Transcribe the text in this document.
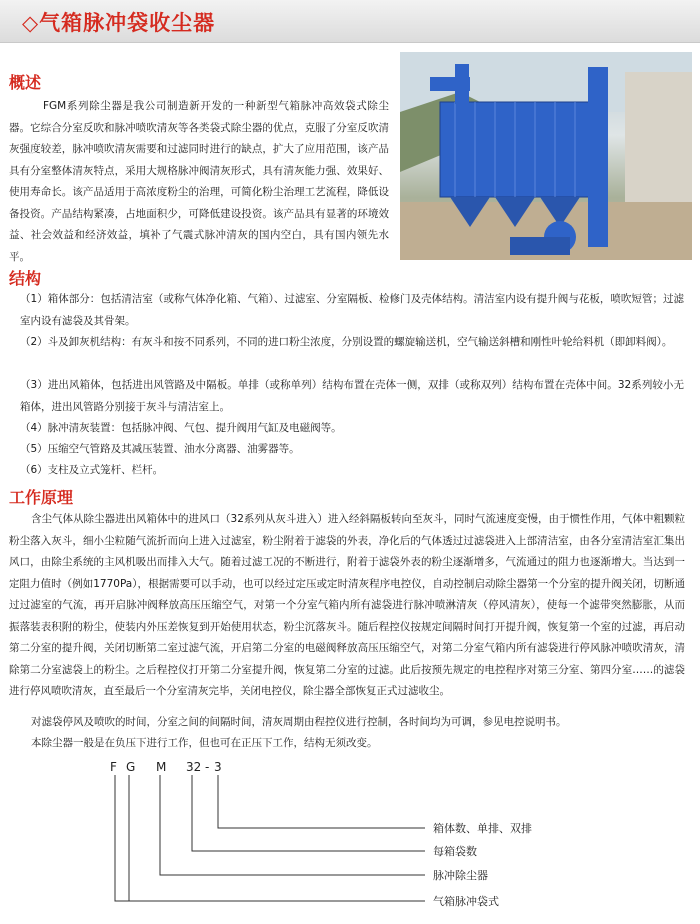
◇气箱脉冲袋收尘器
概述
FGM系列除尘器是我公司制造新开发的一种新型气箱脉冲高效袋式除尘器。它综合分室反吹和脉冲喷吹清灰等各类袋式除尘器的优点，克服了分室反吹清灰强度较差，脉冲喷吹清灰需要和过滤同时进行的缺点，扩大了应用范围，该产品具有分室整体清灰特点，采用大规格脉冲阀清灰形式，具有清灰能力强、效果好、使用寿命长。该产品适用于高浓度粉尘的治理，可简化粉尘治理工艺流程，降低设备投资。产品结构紧凑，占地面积少，可降低建设投资。该产品具有显著的环境效益、社会效益和经济效益，填补了气震式脉冲清灰的国内空白，具有国内领先水平。
结构
（1）箱体部分：包括清洁室（或称气体净化箱、气箱）、过滤室、分室隔板、检修门及壳体结构。清洁室内设有提升阀与花板，喷吹短管；过滤室内设有滤袋及其骨架。
（2）斗及卸灰机结构：有灰斗和按不同系列，不同的进口粉尘浓度，分别设置的螺旋输送机，空气输送斜槽和刚性叶轮给料机（即卸料阀）。
（3）进出风箱体，包括进出风管路及中隔板。单排（或称单列）结构布置在壳体一侧，双排（或称双列）结构布置在壳体中间。32系列较小无箱体，进出风管路分别接于灰斗与清洁室上。
（4）脉冲清灰装置：包括脉冲阀、气包、提升阀用气缸及电磁阀等。
（5）压缩空气管路及其减压装置、油水分离器、油雾器等。
（6）支柱及立式笼杆、栏杆。
工作原理
含尘气体从除尘器进出风箱体中的进风口（32系列从灰斗进入）进入经斜隔板转向至灰斗，同时气流速度变慢，由于惯性作用，气体中粗颗粒粉尘落入灰斗，细小尘粒随气流折而向上进入过滤室，粉尘附着于滤袋的外表，净化后的气体透过过滤袋进入上部清洁室，由各分室清洁室汇集出风口，由除尘系统的主风机吸出而排入大气。随着过滤工况的不断进行，附着于滤袋外表的粉尘逐渐增多，气流通过的阻力也逐渐增大。当达到一定阻力值时（例如1770Pa），根据需要可以手动，也可以经过定压或定时清灰程序电控仪，自动控制启动除尘器第一个分室的提升阀关闭，切断通过过滤室的气流，再开启脉冲阀释放高压压缩空气，对第一个分室气箱内所有滤袋进行脉冲喷淋清灰（停风清灰），使每一个滤带突然膨胀，从而振落装表积附的粉尘，使装内外压差恢复到开始使用状态，粉尘沉落灰斗。随后程控仪按规定间隔时间打开提升阀，恢复第一个室的过滤，再启动第二分室的提升阀，关闭切断第二室过滤气流，开启第二分室的电磁阀释放高压压缩空气，对第二分室气箱内所有滤袋进行停风脉冲喷吹清灰，清除第二分室滤袋上的粉尘。之后程控仪打开第二分室提升阀，恢复第二分室的过滤。此后按预先规定的电控程序对第三分室、第四分室……的滤袋进行停风喷吹清灰，直至最后一个分室清灰完毕，关闭电控仪，除尘器全部恢复正式过滤收尘。
对滤袋停风及喷吹的时间，分室之间的间隔时间，清灰周期由程控仪进行控制，各时间均为可调，参见电控说明书。
本除尘器一般是在负压下进行工作，但也可在正压下工作，结构无须改变。
F G M 32 - 3
箱体数、单排、双排
每箱袋数
脉冲除尘器
气箱脉冲袋式
